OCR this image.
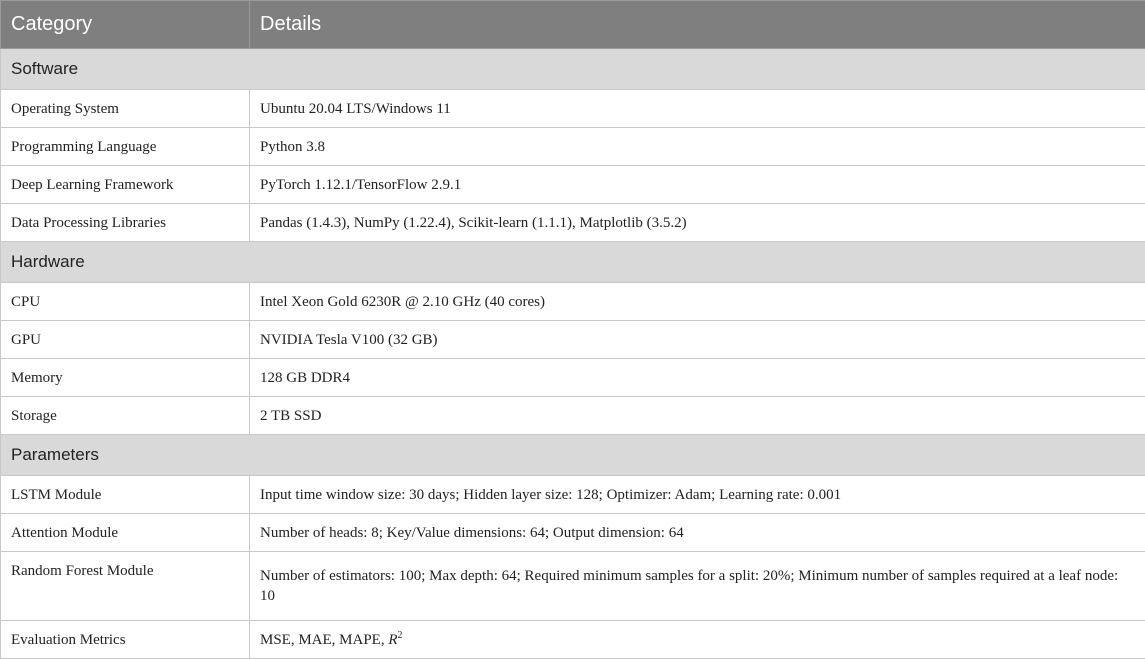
Category	Details
Software	
Operating System	Ubuntu 20.04 LTS/Windows 11
Programming Language	Python 3.8
Deep Learning Framework	PyTorch 1.12.1/TensorFlow 2.9.1
Data Processing Libraries	Pandas (1.4.3), NumPy (1.22.4), Scikit-learn (1.1.1), Matplotlib (3.5.2)
Hardware	
CPU	Intel Xeon Gold 6230R @ 2.10 GHz (40 cores)
GPU	NVIDIA Tesla V100 (32 GB)
Memory	128 GB DDR4
Storage	2 TB SSD
Parameters	
LSTM Module	Input time window size: 30 days; Hidden layer size: 128; Optimizer: Adam; Learning rate: 0.001
Attention Module	Number of heads: 8; Key/Value dimensions: 64; Output dimension: 64
Random Forest Module	Number of estimators: 100; Max depth: 64; Required minimum samples for a split: 20%; Minimum number of samples required at a leaf node: 10
Evaluation Metrics	MSE, MAE, MAPE, $R^2$
